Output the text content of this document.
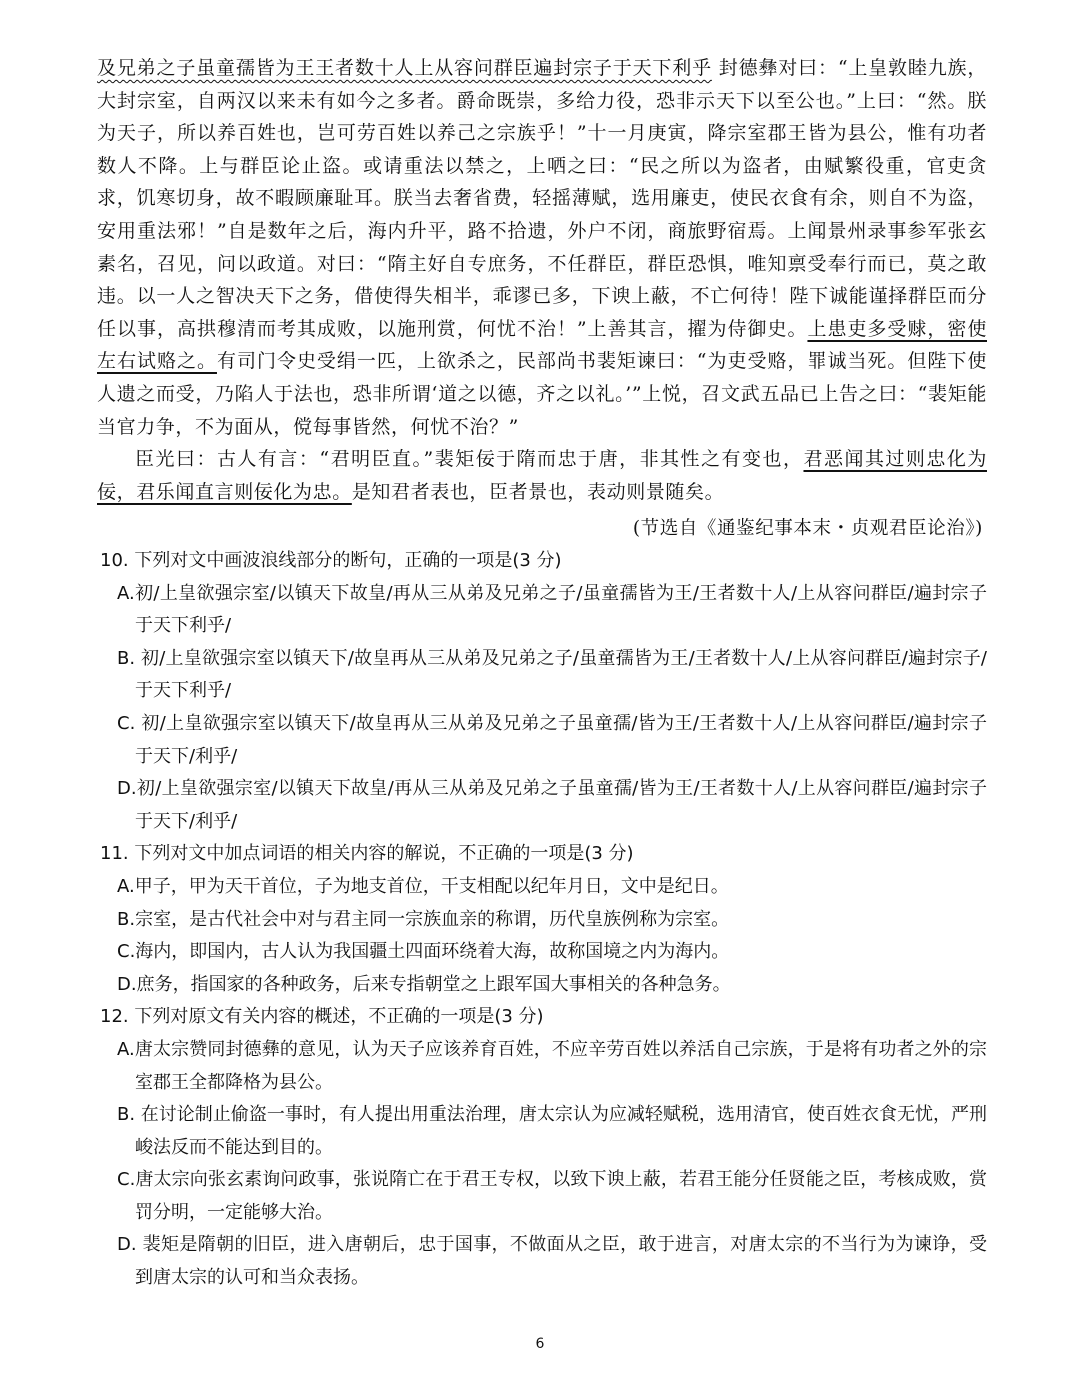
及兄弟之子虽童孺皆为王王者数十人上从容问群臣遍封宗子于天下利乎 封德彝对曰：“上皇敦睦九族，大封宗室，自两汉以来未有如今之多者。爵命既崇，多给力役，恐非示天下以至公也。”上曰：“然。朕为天子，所以养百姓也，岂可劳百姓以养己之宗族乎！”十一月庚寅，降宗室郡王皆为县公，惟有功者数人不降。上与群臣论止盗。或请重法以禁之，上哂之曰：“民之所以为盗者，由赋繁役重，官吏贪求，饥寒切身，故不暇顾廉耻耳。朕当去奢省费，轻摇薄赋，选用廉吏，使民衣食有余，则自不为盗，安用重法邪！”自是数年之后，海内升平，路不拾遗，外户不闭，商旅野宿焉。上闻景州录事参军张玄素名，召见，问以政道。对曰：“隋主好自专庶务，不任群臣，群臣恐惧，唯知禀受奉行而已，莫之敢违。以一人之智决天下之务，借使得失相半，乖谬已多，下谀上蔽，不亡何待！陛下诚能谨择群臣而分任以事，高拱穆清而考其成败，以施刑赏，何忧不治！”上善其言，擢为侍御史。上患吏多受赇，密使左右试赂之。有司门令史受绢一匹，上欲杀之，民部尚书裴矩谏曰：“为吏受赂，罪诚当死。但陛下使人遗之而受，乃陷人于法也，恐非所谓‘道之以德，齐之以礼。’”上悦，召文武五品已上告之曰：“裴矩能当官力争，不为面从，傥每事皆然，何忧不治？”

臣光曰：古人有言：“君明臣直。”裴矩佞于隋而忠于唐，非其性之有变也，君恶闻其过则忠化为佞，君乐闻直言则佞化为忠。是知君者表也，臣者景也，表动则景随矣。

(节选自《通鉴纪事本末・贞观君臣论治》)

10. 下列对文中画波浪线部分的断句，正确的一项是(3 分)

A.初/上皇欲强宗室/以镇天下故皇/再从三从弟及兄弟之子/虽童孺皆为王/王者数十人/上从容问群臣/遍封宗子于天下利乎/

B. 初/上皇欲强宗室以镇天下/故皇再从三从弟及兄弟之子/虽童孺皆为王/王者数十人/上从容问群臣/遍封宗子/于天下利乎/

C. 初/上皇欲强宗室以镇天下/故皇再从三从弟及兄弟之子虽童孺/皆为王/王者数十人/上从容问群臣/遍封宗子于天下/利乎/

D.初/上皇欲强宗室/以镇天下故皇/再从三从弟及兄弟之子虽童孺/皆为王/王者数十人/上从容问群臣/遍封宗子于天下/利乎/

11. 下列对文中加点词语的相关内容的解说，不正确的一项是(3 分)

A.甲子，甲为天干首位，子为地支首位，干支相配以纪年月日，文中是纪日。

B.宗室，是古代社会中对与君主同一宗族血亲的称谓，历代皇族例称为宗室。

C.海内，即国内，古人认为我国疆土四面环绕着大海，故称国境之内为海内。

D.庶务，指国家的各种政务，后来专指朝堂之上跟军国大事相关的各种急务。

12. 下列对原文有关内容的概述，不正确的一项是(3 分)

A.唐太宗赞同封德彝的意见，认为天子应该养育百姓，不应辛劳百姓以养活自己宗族，于是将有功者之外的宗室郡王全都降格为县公。

B. 在讨论制止偷盗一事时，有人提出用重法治理，唐太宗认为应减轻赋税，选用清官，使百姓衣食无忧，严刑峻法反而不能达到目的。

C.唐太宗向张玄素询问政事，张说隋亡在于君王专权，以致下谀上蔽，若君王能分任贤能之臣，考核成败，赏罚分明，一定能够大治。

D. 裴矩是隋朝的旧臣，进入唐朝后，忠于国事，不做面从之臣，敢于进言，对唐太宗的不当行为为谏诤，受到唐太宗的认可和当众表扬。

6
